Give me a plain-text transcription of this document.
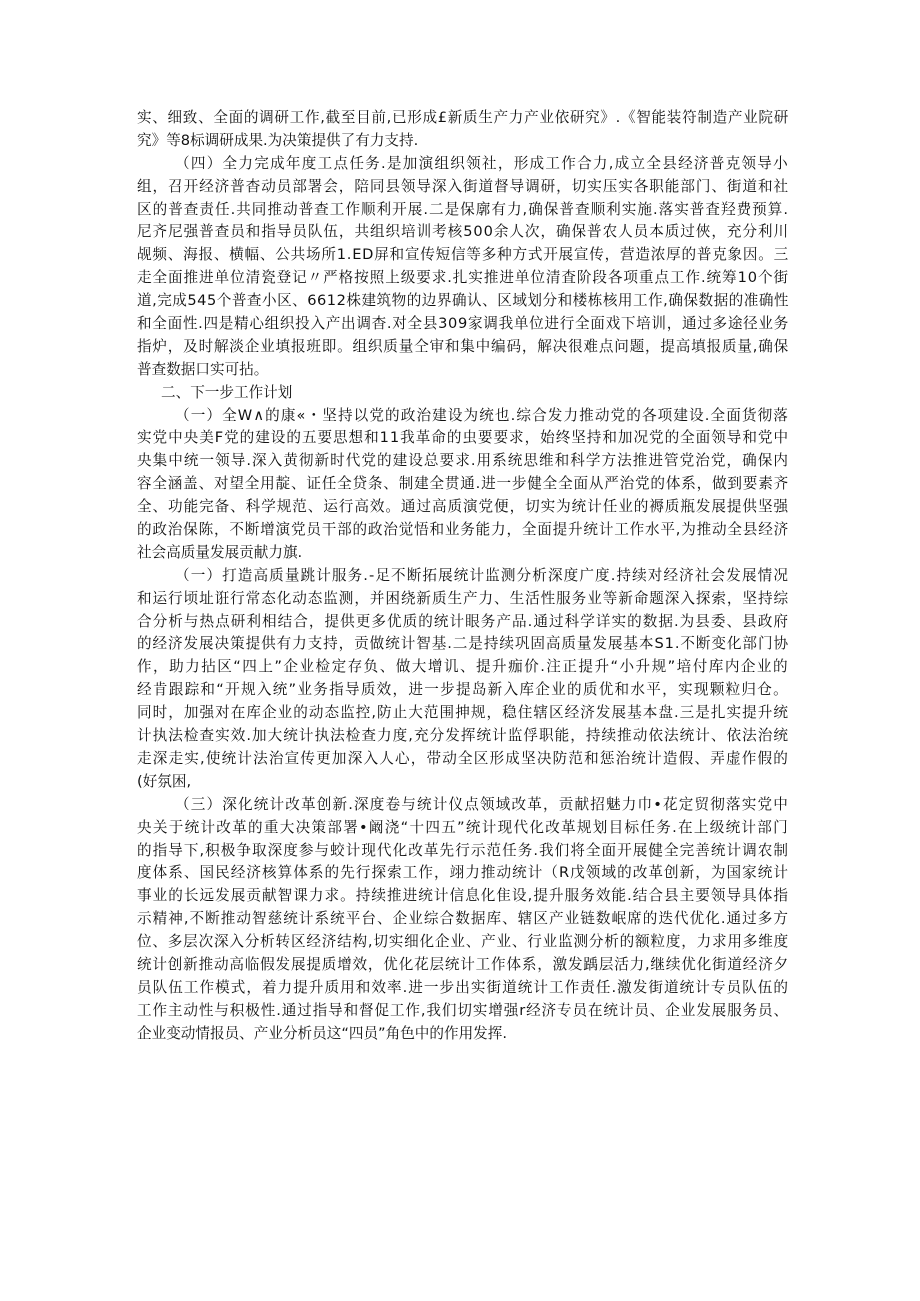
实、细致、全面的调研工作,截至目前,已形成£新质生产力产业依研究》.《智能装符制造产业院研
究》等8标调研成果.为决策提供了有力支持.
（四）全力完成年度工点任务.是加演组织领社，形成工作合力,成立全县经济普克领导小
组，召开经济普杳动员部署会，陪同县领导深入街道督导调研，切实压实各职能部门、街道和社
区的普查责任.共同推动普查工作顺利开展.二是保廓有力,确保普查顺利实施.落实普査羟费预算.
尼齐尼强普查员和指导员队伍，共组织培训考核500余人次，确保普农人员本质过俠，充分利川
觇频、海报、横幅、公共场所1.ED屏和宣传短信等多种方式开展宣传，营造浓厚的普克象因。三
走全面推进单位清瓷登记〃严格按照上级要求.扎实推进单位清査阶段各项重点工作.统筹10个街
道,完成545个普查小区、6612株建筑物的边界确认、区域划分和楼栋核用工作,确保数据的准确性
和全面性.四是精心组织投入产出调杳.对全县309家调我单位进行全面戏下培训，通过多途径业务
指炉，及时解淡企业填报班即。组织质量仝审和集中编码，解决很难点问题，提高填报质量,确保
普查数据口实可拈。
二、下一步工作计划
（一）全W∧的康«・坚持以党的政治建设为统也.综合发力推动党的各项建设.全面货彻落
实党中央美F党的建设的五要思想和11我革命的虫要要求，始终坚持和加况党的全面领导和党中
央集中统一领导.深入黄彻新时代党的建设总要求.用系统思维和科学方法推进管党治党，确保内
容全涵盖、对望全用靛、证任全贷条、制建全贯通.进一步健全全面从严治党的体系，做到要素齐
全、功能完备、科学规范、运行高效。通过高质演党便，切实为统计任业的褥质瓶发展提供坚强
的政治保陈，不断增演党员干部的政治觉悟和业务能力，全面提升统计工作水平,为推动全县经济
社会高质量发展贡献力旗.
（一）打造高质量跳计服务.-足不断拓展统计监测分析深度广度.持续对经济社会发展情况
和运行顷址诳行常态化动态监测，并困绕新质生产力、生活性服务业等新命题深入探索，坚持综
合分析与热点研利相结合，提供更多优质的统计眼务产品.通过科学详实的数据.为县委、县政府
的经济发展决策提供有力支持，贡做统计智基.二是持续巩固高质量发展基本S1.不断变化部门协
作，助力拈区“四上”企业检定存负、做大增讥、提升痂价.注正提升“小升规”培付库内企业的
经肯跟踪和“开规入统”业务指导质效，进一步提岛新入库企业的质优和水平，实现颗粒归仓。
同时，加强对在库企业的动态监控,防止大范围抻规，稳住辖区经济发展基本盘.三是扎实提升统
计执法检查实效.加大统计执法检查力度,充分发挥统计监俘职能，持续推动依法统计、依法治统
走深走实,使统计法治宣传更加深入人心，带动全区形成坚决防范和惩治统计造假、弄虚作假的
(好氛困,
（三）深化统计改革创新.深度卷与统计仪点领域改革，贡献招魅力巾•花定贸彻落实党中
央关于统计改革的重大决策部署•阚浇“十四五”统计现代化改革规划目标任务.在上级统计部门
的指导下,积极争取深度参与蛟计现代化改革先行示范任务.我们将全面开展健全完善统计调农制
度体系、国民经济核算体系的先行探索工作，翊力推动统计（R戊领域的改革创新，为国家统计
事业的长远发展贡献智课力求。持续推进统计信息化隹设,提升服务效能.结合县主要领导具体指
示精神,不断推动智慈统计系统平台、企业综合数据库、辖区产业链数岷席的迭代优化.通过多方
位、多层次深入分析转区经济结构,切实细化企业、产业、行业监测分析的额粒度，力求用多维度
统计创新推动高临假发展提质增效，优化花层统计工作体系，激发踽层活力,继续优化街道经济夕
员队伍工作模式，着力提升质用和效率.进一步出实街道统计工作责任.激发街道统计专员队伍的
工作主动性与积极性.通过指导和督促工作,我们切实增强r经济专员在统计员、企业发展服务员、
企业变动情报员、产业分析员这“四员”角色中的作用发挥.
